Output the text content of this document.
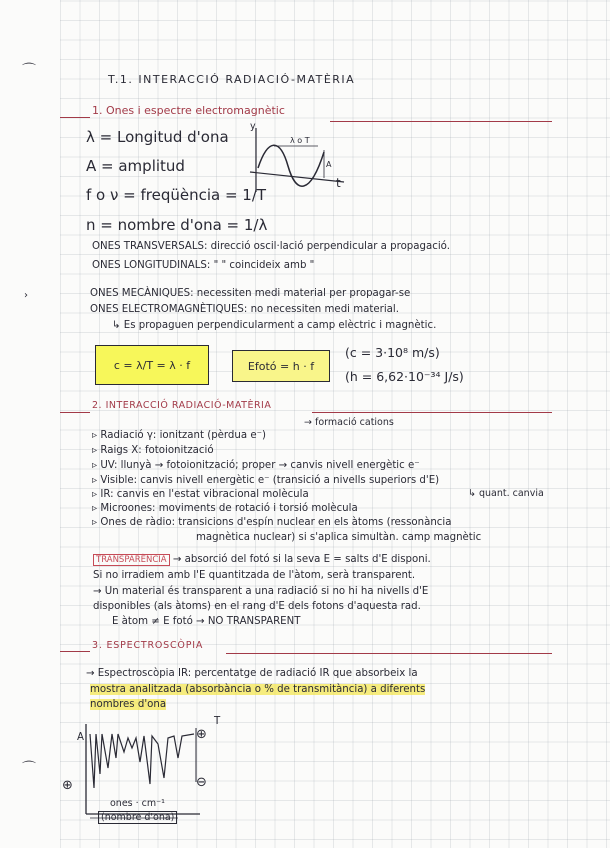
⌒
›
⌒
T.1. INTERACCIÓ RADIACIÓ-MATÈRIA
1. Ones i espectre electromagnètic
λ = Longitud d'ona
A = amplitud
f o ν = freqüència = 1/T
n = nombre d'ona = 1/λ
y
t
λ o T
A
ONES TRANSVERSALS: direcció oscil·lació perpendicular a propagació.
ONES LONGITUDINALS: " " coincideix amb "
ONES MECÀNIQUES: necessiten medi material per propagar-se
ONES ELECTROMAGNÈTIQUES: no necessiten medi material.
↳ Es propaguen perpendicularment a camp elèctric i magnètic.
c = λ/T = λ · f	Efotó = h · f
(c = 3·10⁸ m/s)
(h = 6,62·10⁻³⁴ J/s)
2. INTERACCIÓ RADIACIÓ-MATÈRIA
→ formació cations
▹ Radiació γ: ionitzant (pèrdua e⁻)
▹ Raigs X: fotoionització
▹ UV: llunyà → fotoionització; proper → canvis nivell energètic e⁻
▹ Visible: canvis nivell energètic e⁻ (transició a nivells superiors d'E)
▹ IR: canvis en l'estat vibracional molècula	↳ quant. canvia
▹ Microones: moviments de rotació i torsió molècula
▹ Ones de ràdio: transicions d'espín nuclear en els àtoms (ressonància
magnètica nuclear) si s'aplica simultàn. camp magnètic
TRANSPARÈNCIA → absorció del fotó si la seva E = salts d'E disponi.
Si no irradiem amb l'E quantitzada de l'àtom, serà transparent.
→ Un material és transparent a una radiació si no hi ha nivells d'E
disponibles (als àtoms) en el rang d'E dels fotons d'aquesta rad.
E àtom ≠ E fotó → NO TRANSPARENT
3. ESPECTROSCÒPIA
→ Espectroscòpia IR: percentatge de radiació IR que absorbeix la
mostra analitzada (absorbància o % de transmitància) a diferents
nombres d'ona
A
T
⊕
⊖
⊕
ones · cm⁻¹
(nombre d'ona)
